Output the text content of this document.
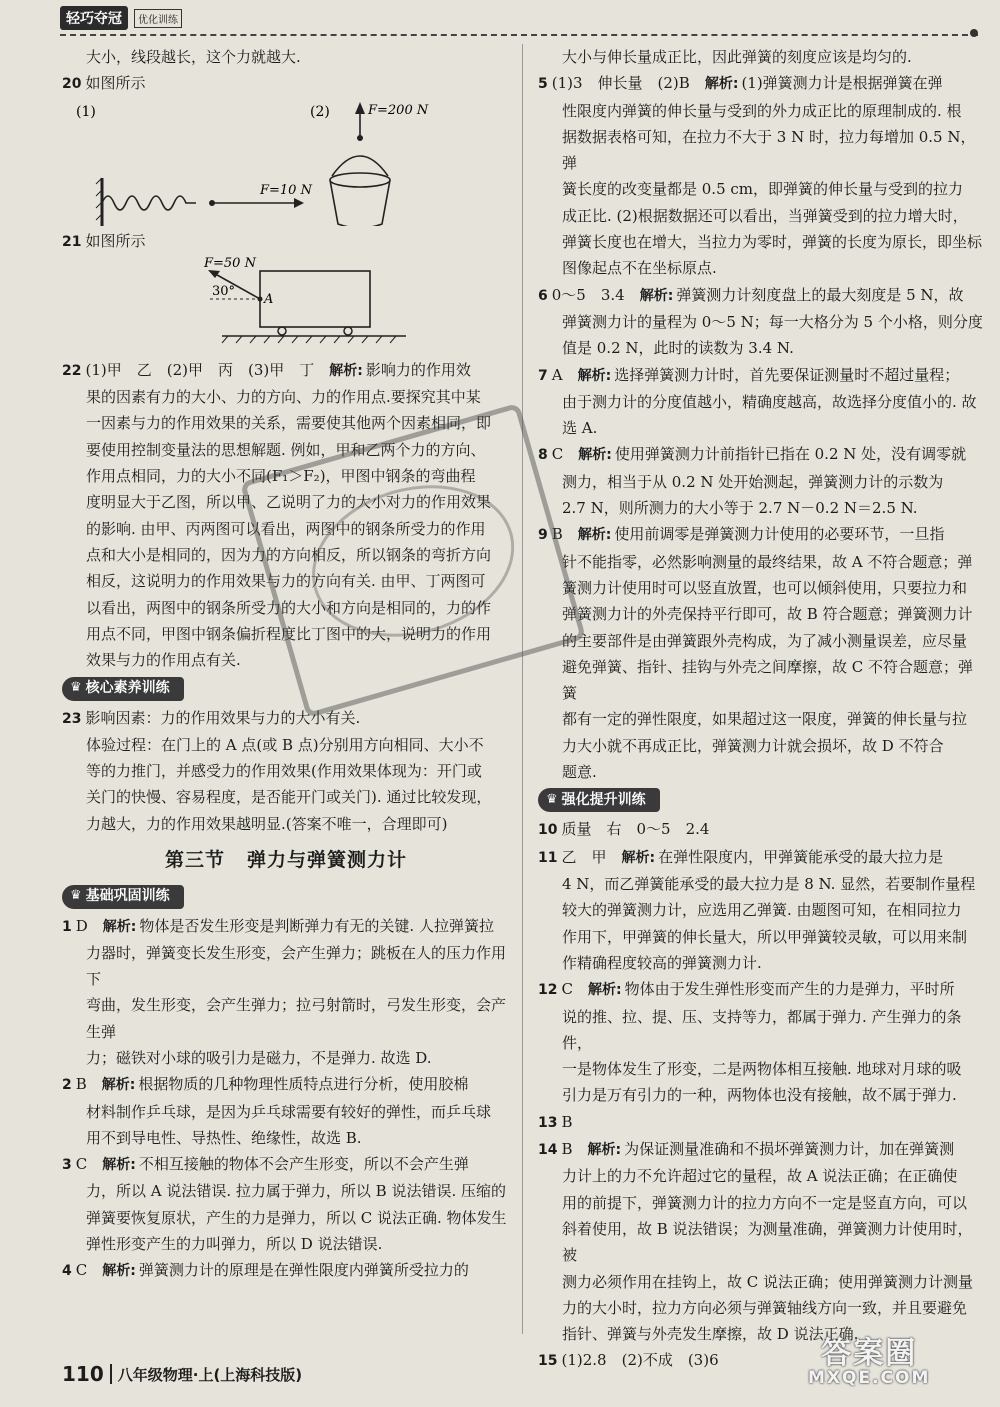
轻巧夺冠	优化训练

大小，线段越长，这个力就越大.

20 如图所示

(1)	(2)
F=10 N
F=200 N

21 如图所示

F=50 N
30°
A

22 (1)甲　乙　(2)甲　丙　(3)甲　丁　 解析: 影响力的作用效

果的因素有力的大小、力的方向、力的作用点.要探究其中某

一因素与力的作用效果的关系，需要使其他两个因素相同，即

要使用控制变量法的思想解题. 例如，甲和乙两个力的方向、

作用点相同，力的大小不同(F₁＞F₂)，甲图中钢条的弯曲程

度明显大于乙图，所以甲、乙说明了力的大小对力的作用效果

的影响. 由甲、丙两图可以看出，两图中的钢条所受力的作用

点和大小是相同的，因为力的方向相反，所以钢条的弯折方向

相反，这说明力的作用效果与力的方向有关. 由甲、丁两图可

以看出，两图中的钢条所受力的大小和方向是相同的，力的作

用点不同，甲图中钢条偏折程度比丁图中的大，说明力的作用

效果与力的作用点有关.

♛ 核心素养训练

23 影响因素：力的作用效果与力的大小有关.

体验过程：在门上的 A 点(或 B 点)分别用方向相同、大小不

等的力推门，并感受力的作用效果(作用效果体现为：开门或

关门的快慢、容易程度，是否能开门或关门). 通过比较发现，

力越大，力的作用效果越明显.(答案不唯一，合理即可)

第三节 弹力与弹簧测力计
♛ 基础巩固训练

1 D　 解析: 物体是否发生形变是判断弹力有无的关键. 人拉弹簧拉

力器时，弹簧变长发生形变，会产生弹力；跳板在人的压力作用下

弯曲，发生形变，会产生弹力；拉弓射箭时，弓发生形变，会产生弹

力；磁铁对小球的吸引力是磁力，不是弹力. 故选 D.

2 B　 解析: 根据物质的几种物理性质特点进行分析，使用胶棉

材料制作乒乓球，是因为乒乓球需要有较好的弹性，而乒乓球

用不到导电性、导热性、绝缘性，故选 B.

3 C　 解析: 不相互接触的物体不会产生形变，所以不会产生弹

力，所以 A 说法错误. 拉力属于弹力，所以 B 说法错误. 压缩的

弹簧要恢复原状，产生的力是弹力，所以 C 说法正确. 物体发生

弹性形变产生的力叫弹力，所以 D 说法错误.

4 C　 解析: 弹簧测力计的原理是在弹性限度内弹簧所受拉力的

大小与伸长量成正比，因此弹簧的刻度应该是均匀的.

5 (1)3　伸长量　(2)B　 解析: (1)弹簧测力计是根据弹簧在弹

性限度内弹簧的伸长量与受到的外力成正比的原理制成的. 根

据数据表格可知，在拉力不大于 3 N 时，拉力每增加 0.5 N，弹

簧长度的改变量都是 0.5 cm，即弹簧的伸长量与受到的拉力

成正比. (2)根据数据还可以看出，当弹簧受到的拉力增大时，

弹簧长度也在增大，当拉力为零时，弹簧的长度为原长，即坐标

图像起点不在坐标原点.

6 0～5　3.4　 解析: 弹簧测力计刻度盘上的最大刻度是 5 N，故

弹簧测力计的量程为 0～5 N；每一大格分为 5 个小格，则分度

值是 0.2 N，此时的读数为 3.4 N.

7 A　 解析: 选择弹簧测力计时，首先要保证测量时不超过量程；

由于测力计的分度值越小，精确度越高，故选择分度值小的. 故

选 A.

8 C　 解析: 使用弹簧测力计前指针已指在 0.2 N 处，没有调零就

测力，相当于从 0.2 N 处开始测起，弹簧测力计的示数为

2.7 N，则所测力的大小等于 2.7 N－0.2 N＝2.5 N.

9 B　 解析: 使用前调零是弹簧测力计使用的必要环节，一旦指

针不能指零，必然影响测量的最终结果，故 A 不符合题意；弹

簧测力计使用时可以竖直放置，也可以倾斜使用，只要拉力和

弹簧测力计的外壳保持平行即可，故 B 符合题意；弹簧测力计

的主要部件是由弹簧跟外壳构成，为了减小测量误差，应尽量

避免弹簧、指针、挂钩与外壳之间摩擦，故 C 不符合题意；弹簧

都有一定的弹性限度，如果超过这一限度，弹簧的伸长量与拉

力大小就不再成正比，弹簧测力计就会损坏，故 D 不符合

题意.

♛ 强化提升训练

10 质量　右　0～5　2.4

11 乙　甲　 解析: 在弹性限度内，甲弹簧能承受的最大拉力是

4 N，而乙弹簧能承受的最大拉力是 8 N. 显然，若要制作量程

较大的弹簧测力计，应选用乙弹簧. 由题图可知，在相同拉力

作用下，甲弹簧的伸长量大，所以甲弹簧较灵敏，可以用来制

作精确程度较高的弹簧测力计.

12 C　 解析: 物体由于发生弹性形变而产生的力是弹力，平时所

说的推、拉、提、压、支持等力，都属于弹力. 产生弹力的条件，

一是物体发生了形变，二是两物体相互接触. 地球对月球的吸

引力是万有引力的一种，两物体也没有接触，故不属于弹力.

13 B

14 B　 解析: 为保证测量准确和不损坏弹簧测力计，加在弹簧测

力计上的力不允许超过它的量程，故 A 说法正确；在正确使

用的前提下，弹簧测力计的拉力方向不一定是竖直方向，可以

斜着使用，故 B 说法错误；为测量准确，弹簧测力计使用时，被

测力必须作用在挂钩上，故 C 说法正确；使用弹簧测力计测量

力的大小时，拉力方向必须与弹簧轴线方向一致，并且要避免

指针、弹簧与外壳发生摩擦，故 D 说法正确.

15 (1)2.8　(2)不成　(3)6

110 八年级物理·上(上海科技版)
答案圈
MXQE.COM
